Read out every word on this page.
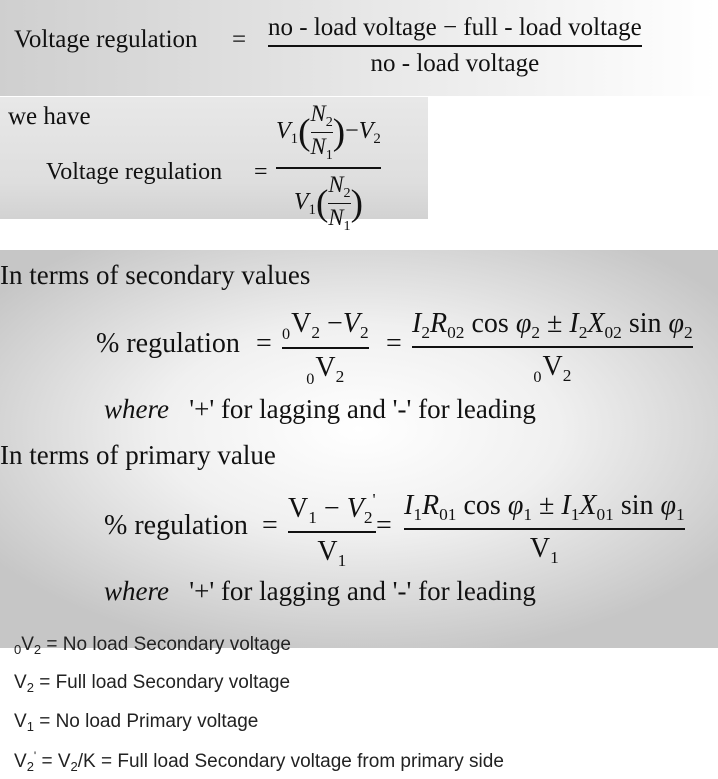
Voltage regulation = $\frac{\text{no - load voltage − full - load voltage}}{\text{no - load voltage}}$
we have
Voltage regulation = $\frac{V_1( \frac{N_2}{N_1} )-V_2}{V_1( \frac{N_2}{N_1} )}$
In terms of secondary values
% regulation = $\frac{_0V_2 -V_2}{_0V_2} = \frac{I_2R_{02} \cos \varphi_2 \pm I_2X_{02} \sin \varphi_2}{_0V_2}$
where '+' for lagging and '-' for leading
In terms of primary value
% regulation = $\frac{V_1 - V_2'}{V_1} = \frac{I_1R_{01} \cos \varphi_1 \pm I_1X_{01} \sin \varphi_1}{V_1}$
where '+' for lagging and '-' for leading
$_0V_2 = No$ load Secondary voltage
$V_2$ = Full load Secondary voltage
$V_1 = No$ load Primary voltage
$V_2' = V_2/K$ = Full load Secondary voltage from primary side
